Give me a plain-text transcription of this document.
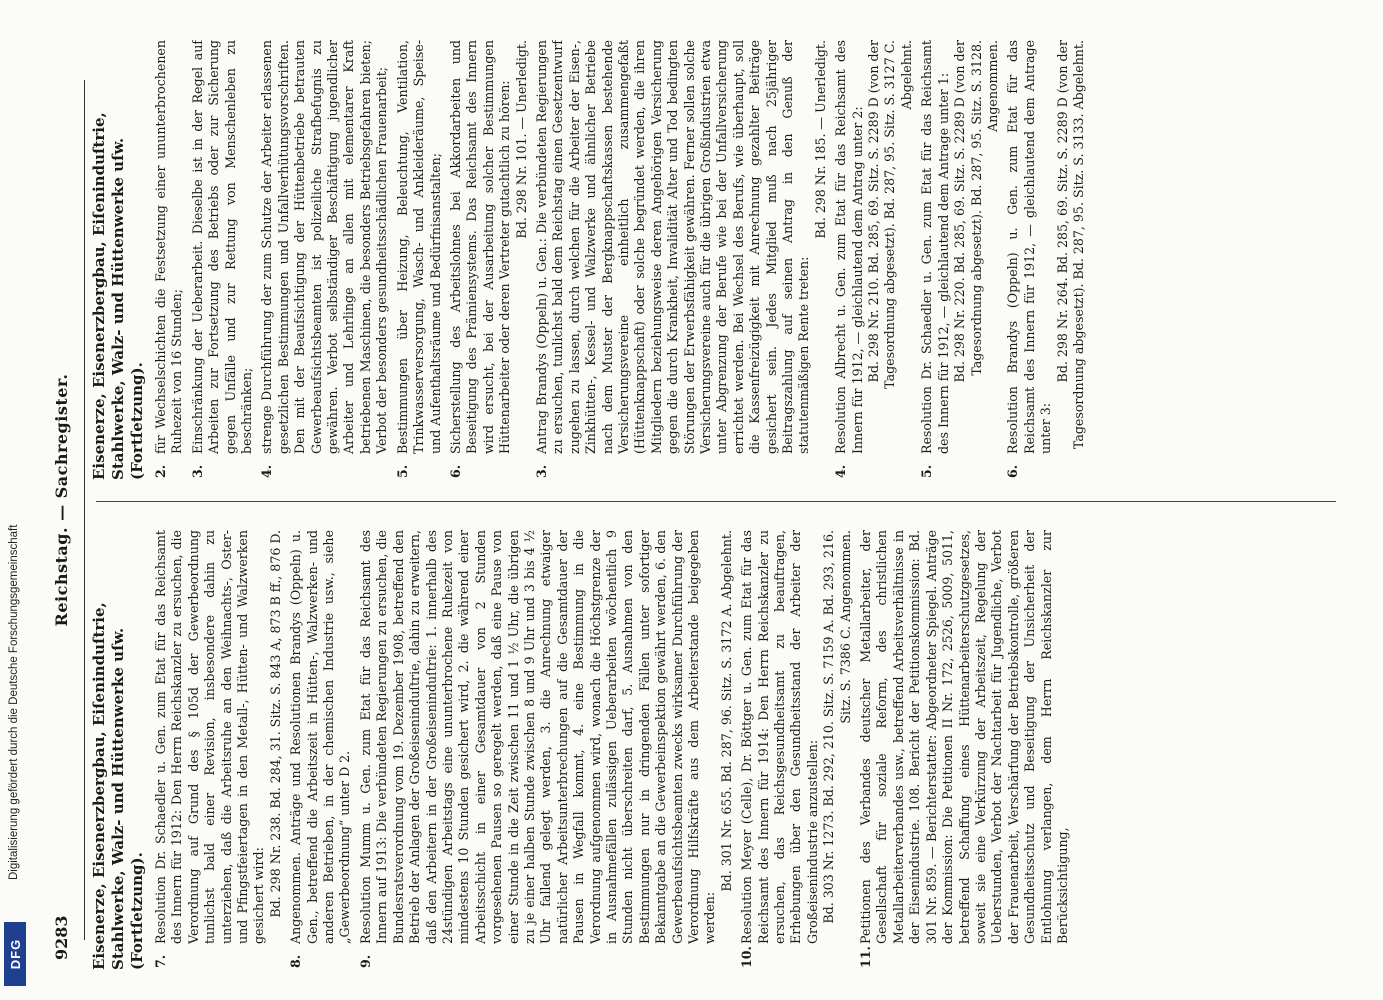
DFG
Digitalisierung gefördert durch die Deutsche Forschungsgemeinschaft
Reichstag. — Sachregister.
9283 Eisenerze, Eisenerzbergbau, Eiſeninduſtrie, Stahlwerke, Walz- und Hüttenwerke uſw. (Fortſetzung). 7.
Resolution Dr. Schaedler u. Gen. zum Etat für das Reichsamt des Innern für 1912: Den Herrn Reichskanzler zu ersuchen, die Verordnung auf Grund des § 105d der Gewerbeordnung tunlichst bald einer Revision, insbesondere dahin zu unterziehen, daß die Arbeitsruhe an den Weihnachts-, Oster- und Pfingstfeiertagen in den Metall-, Hütten- und Walzwerken gesichert wird: Bd. 298 Nr. 238. Bd. 284, 31. Sitz. S. 843 A, 873 B ff., 876 D.
8.
Angenommen. Anträge und Resolutionen Brandys (Oppeln) u. Gen., betreffend die Arbeitszeit in Hütten-, Walzwerken- und anderen Betrieben, in der chemischen Industrie usw., siehe „Gewerbeordnung“ unter D 2.
9.
Resolution Mumm u. Gen. zum Etat für das Reichsamt des Innern auf 1913: Die verbündeten Regierungen zu ersuchen, die Bundesratsverordnung vom 19. Dezember 1908, betreffend den Betrieb der Anlagen der Großeiseninduſtrie, dahin zu erweitern, daß den Arbeitern in der Großeiseninduſtrie: 1. innerhalb des 24stündigen Arbeitstags eine ununterbrochene Ruhezeit von mindestens 10 Stunden gesichert wird, 2. die während einer Arbeitsschicht in einer Gesamtdauer von 2 Stunden vorgesehenen Pausen so geregelt werden, daß eine Pause von einer Stunde in die Zeit zwischen 11 und 1 ½ Uhr, die übrigen zu je einer halben Stunde zwischen 8 und 9 Uhr und 3 bis 4 ½ Uhr fallend gelegt werden, 3. die Anrechnung etwaiger natürlicher Arbeitsunterbrechungen auf die Gesamtdauer der Pausen in Wegfall kommt, 4. eine Bestimmung in die Verordnung aufgenommen wird, wonach die Höchstgrenze der in Ausnahmefällen zulässigen Ueberarbeiten wöchentlich 9 Stunden nicht überschreiten darf, 5. Ausnahmen von den Bestimmungen nur in dringenden Fällen unter sofortiger Bekanntgabe an die Gewerbeinspektion gewährt werden, 6. den Gewerbeaufsichtsbeamten zwecks wirksamer Durchführung der Verordnung Hilfskräfte aus dem Arbeiterstande beigegeben werden:
Bd. 301 Nr. 655. Bd. 287, 96. Sitz. S. 3172 A. Abgelehnt.
10.
Resolution Meyer (Celle), Dr. Böttger u. Gen. zum Etat für das Reichsamt des Innern für 1914: Den Herrn Reichskanzler zu ersuchen, das Reichsgesundheitsamt zu beauftragen, Erhebungen über den Gesundheitsstand der Arbeiter der Großeisenindustrie anzustellen: Bd. 303 Nr. 1273. Bd. 292, 210. Sitz. S. 7159 A. Bd. 293, 216. Sitz. S. 7386 C. Angenommen.
11.
Petitionen des Verbandes deutscher Metallarbeiter, der Gesellschaft für soziale Reform, des christlichen Metallarbeiterverbandes usw., betreffend Arbeitsverhältnisse in der Eisenindustrie. 108. Bericht der Petitionskommission: Bd. 301 Nr. 859. — Berichterstatter: Abgeordneter Spiegel. Anträge der Kommission: Die Petitionen II Nr. 172, 2526, 5009, 5011, betreffend Schaffung eines Hüttenarbeiterschutzgesetzes, soweit sie eine Verkürzung der Arbeitszeit, Regelung der Ueberstunden, Verbot der Nachtarbeit für Jugendliche, Verbot der Frauenarbeit, Verschärfung der Betriebskontrolle, größeren Gesundheitsschutz und Beseitigung der Unsicherheit der Entlohnung verlangen, dem Herrn Reichskanzler zur Berücksichtigung,
Eisenerze, Eisenerzbergbau, Eiſeninduſtrie, Stahlwerke, Walz- und Hüttenwerke uſw. (Fortſetzung). 2.
für Wechselschichten die Festsetzung einer ununterbrochenen Ruhezeit von 16 Stunden;
3.
Einschränkung der Ueberarbeit. Dieselbe ist in der Regel auf Arbeiten zur Fortsetzung des Betriebs oder zur Sicherung gegen Unfälle und zur Rettung von Menschenleben zu beschränken;
4.
strenge Durchführung der zum Schutze der Arbeiter erlassenen gesetzlichen Bestimmungen und Unfallverhütungsvorschriften. Den mit der Beaufsichtigung der Hüttenbetriebe betrauten Gewerbeaufsichtsbeamten ist polizeiliche Strafbefugnis zu gewähren. Verbot selbständiger Beschäftigung jugendlicher Arbeiter und Lehrlinge an allen mit elementarer Kraft betriebenen Maschinen, die besonders Betriebsgefahren bieten; Verbot der besonders gesundheitsschädlichen Frauenarbeit;
5.
Bestimmungen über Heizung, Beleuchtung, Ventilation, Trinkwasserversorgung, Wasch- und Ankleideräume, Speise- und Aufenthaltsräume und Bedürfnisanstalten;
6.
Sicherstellung des Arbeitslohnes bei Akkordarbeiten und Beseitigung des Prämiensystems. Das Reichsamt des Innern wird ersucht, bei der Ausarbeitung solcher Bestimmungen Hüttenarbeiter oder deren Vertreter gutachtlich zu hören: Bd. 298 Nr. 101. — Unerledigt.
3.
Antrag Brandys (Oppeln) u. Gen.: Die verbündeten Regierungen zu ersuchen, tunlichst bald dem Reichstag einen Gesetzentwurf zugehen zu lassen, durch welchen für die Arbeiter der Eisen-, Zinkhütten-, Kessel- und Walzwerke und ähnlicher Betriebe nach dem Muster der Bergknappschaftskassen bestehende Versicherungsvereine einheitlich zusammengefaßt (Hüttenknappschaft) oder solche begründet werden, die ihren Mitgliedern beziehungsweise deren Angehörigen Versicherung gegen die durch Krankheit, Invalidität Alter und Tod bedingten Störungen der Erwerbsfähigkeit gewähren. Ferner sollen solche Versicherungsvereine auch für die übrigen Großindustrien etwa unter Abgrenzung der Berufe wie bei der Unfallversicherung errichtet werden. Bei Wechsel des Berufs, wie überhaupt, soll die Kassenfreizügigkeit mit Anrechnung gezahlter Beiträge gesichert sein. Jedes Mitglied muß nach 25jähriger Beitragszahlung auf seinen Antrag in den Genuß der statutenmäßigen Rente treten:
Bd. 298 Nr. 185. — Unerledigt.
4.
Resolution Albrecht u. Gen. zum Etat für das Reichsamt des Innern für 1912, — gleichlautend dem Antrag unter 2: Bd. 298 Nr. 210. Bd. 285, 69. Sitz. S. 2289 D (von der Tagesordnung abgesetzt). Bd. 287, 95. Sitz. S. 3127 C. Abgelehnt.
5.
Resolution Dr. Schaedler u. Gen. zum Etat für das Reichsamt des Innern für 1912, — gleichlautend dem Antrage unter 1: Bd. 298 Nr. 220. Bd. 285, 69. Sitz. S. 2289 D (von der Tagesordnung abgesetzt). Bd. 287, 95. Sitz. S. 3128. Angenommen.
6.
Resolution Brandys (Oppeln) u. Gen. zum Etat für das Reichsamt des Innern für 1912, — gleichlautend dem Antrage unter 3:
Bd. 298 Nr. 264. Bd. 285, 69. Sitz. S. 2289 D (von der Tagesordnung abgesetzt). Bd. 287, 95. Sitz. S. 3133. Abgelehnt.
